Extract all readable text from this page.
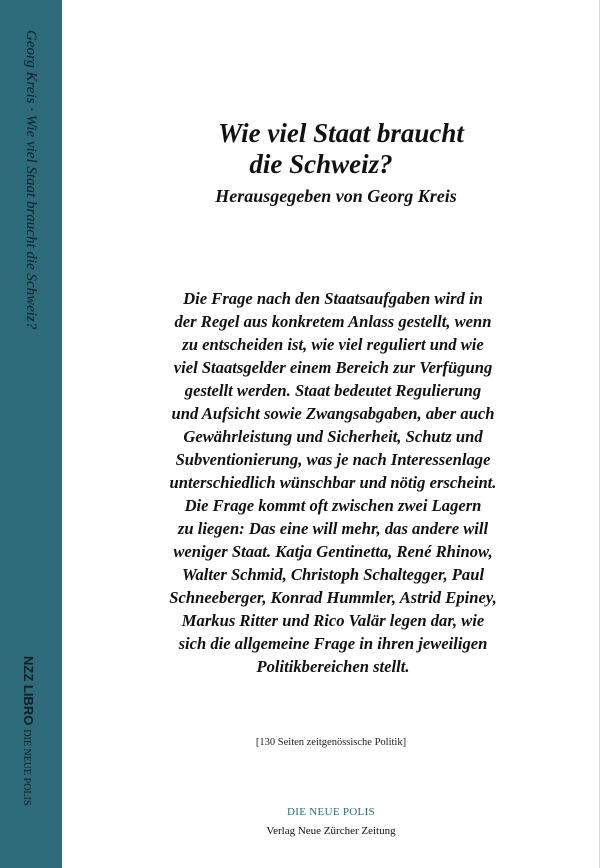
Georg Kreis · Wie viel Staat braucht die Schweiz?
NZZ LIBRODIE NEUE POLIS
Wie viel Staat braucht
die Schweiz?
Herausgegeben von Georg Kreis
Die Frage nach den Staatsaufgaben wird in
der Regel aus konkretem Anlass gestellt, wenn
zu entscheiden ist, wie viel reguliert und wie
viel Staatsgelder einem Bereich zur Verfügung
gestellt werden. Staat bedeutet Regulierung
und Aufsicht sowie Zwangsabgaben, aber auch
Gewährleistung und Sicherheit, Schutz und
Subventionierung, was je nach Interessenlage
unterschiedlich wünschbar und nötig erscheint.
Die Frage kommt oft zwischen zwei Lagern
zu liegen: Das eine will mehr, das andere will
weniger Staat. Katja Gentinetta, René Rhinow,
Walter Schmid, Christoph Schaltegger, Paul
Schneeberger, Konrad Hummler, Astrid Epiney,
Markus Ritter und Rico Valär legen dar, wie
sich die allgemeine Frage in ihren jeweiligen
Politikbereichen stellt.
[130 Seiten zeitgenössische Politik]
DIE NEUE POLIS
Verlag Neue Zürcher Zeitung
